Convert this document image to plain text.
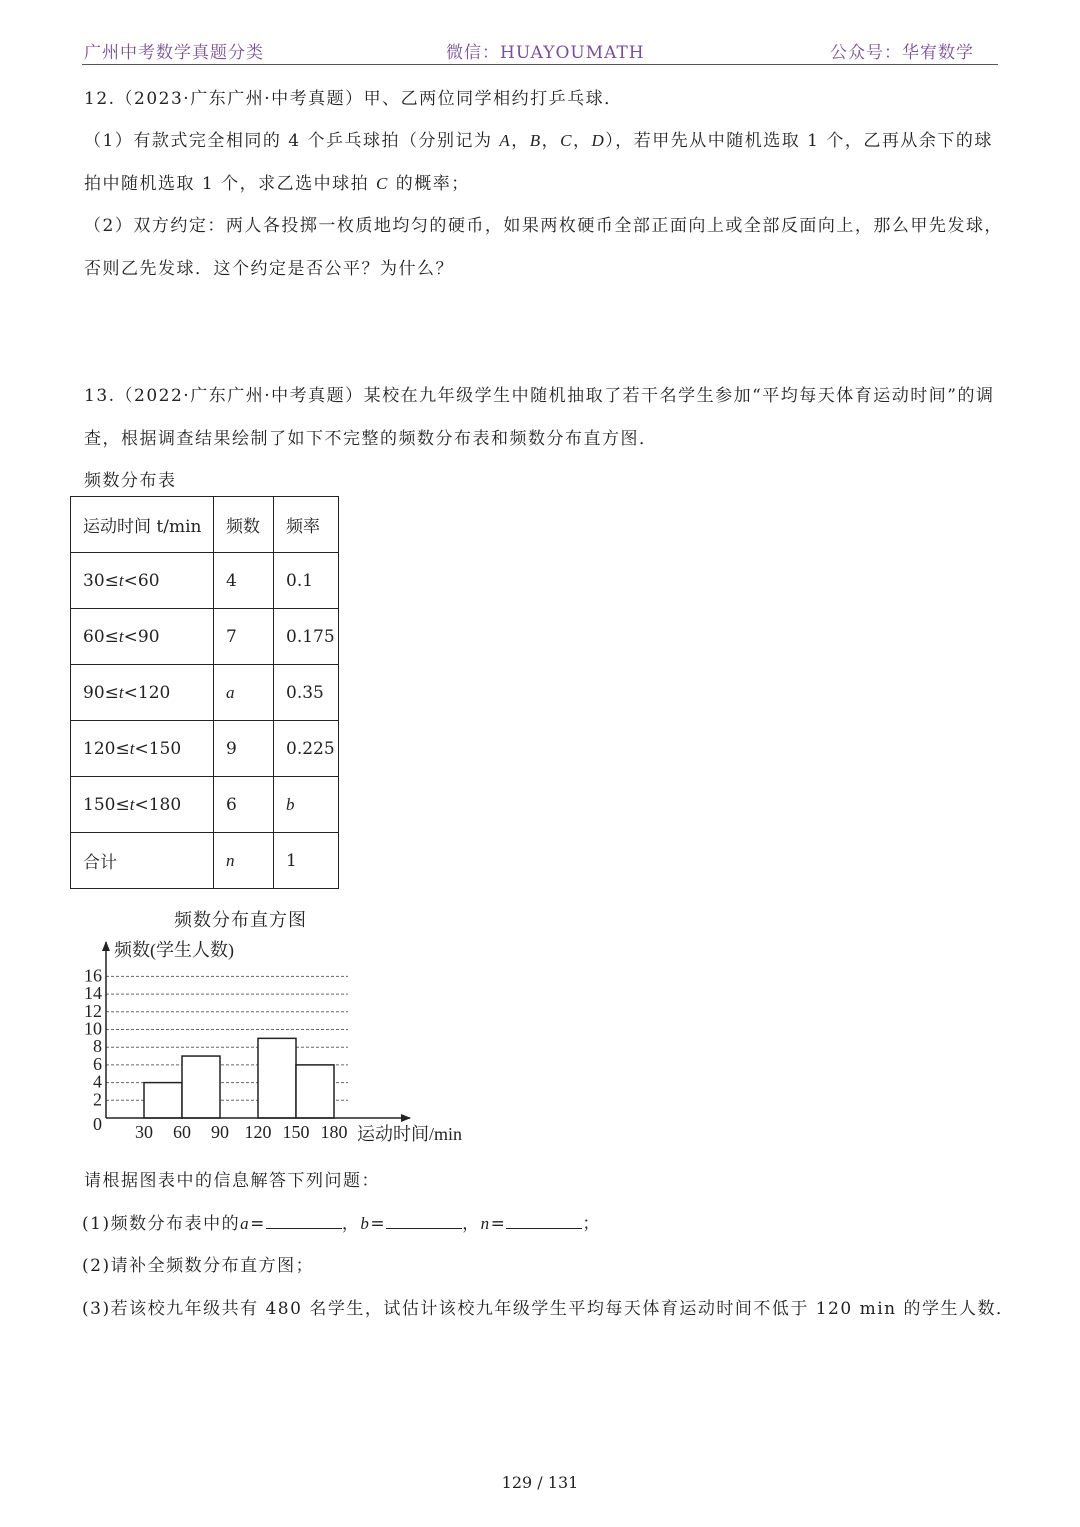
广州中考数学真题分类	微信：HUAYOUMATH	公众号：华宥数学
12.（2023·广东广州·中考真题）甲、乙两位同学相约打乒乓球．
（1）有款式完全相同的 4 个乒乓球拍（分别记为 A，B，C，D），若甲先从中随机选取 1 个，乙再从余下的球
拍中随机选取 1 个，求乙选中球拍 C 的概率；
（2）双方约定：两人各投掷一枚质地均匀的硬币，如果两枚硬币全部正面向上或全部反面向上，那么甲先发球，
否则乙先发球．这个约定是否公平？为什么？
13.（2022·广东广州·中考真题）某校在九年级学生中随机抽取了若干名学生参加“平均每天体育运动时间”的调
查，根据调查结果绘制了如下不完整的频数分布表和频数分布直方图．
频数分布表
运动时间 t/min	频数	频率
30≤t<60	4	0.1
60≤t<90	7	0.175
90≤t<120	a	0.35
120≤t<150	9	0.225
150≤t<180	6	b
合计	n	1
频数分布直方图
频数(学生人数)
运动时间/min
0
2
4
6
8
10
12
14
16
30 60 90 120 150 180
请根据图表中的信息解答下列问题：
(1)频数分布表中的a=	，b=	，n=	；
(2)请补全频数分布直方图；
(3)若该校九年级共有 480 名学生，试估计该校九年级学生平均每天体育运动时间不低于 120 min 的学生人数．
129 / 131
